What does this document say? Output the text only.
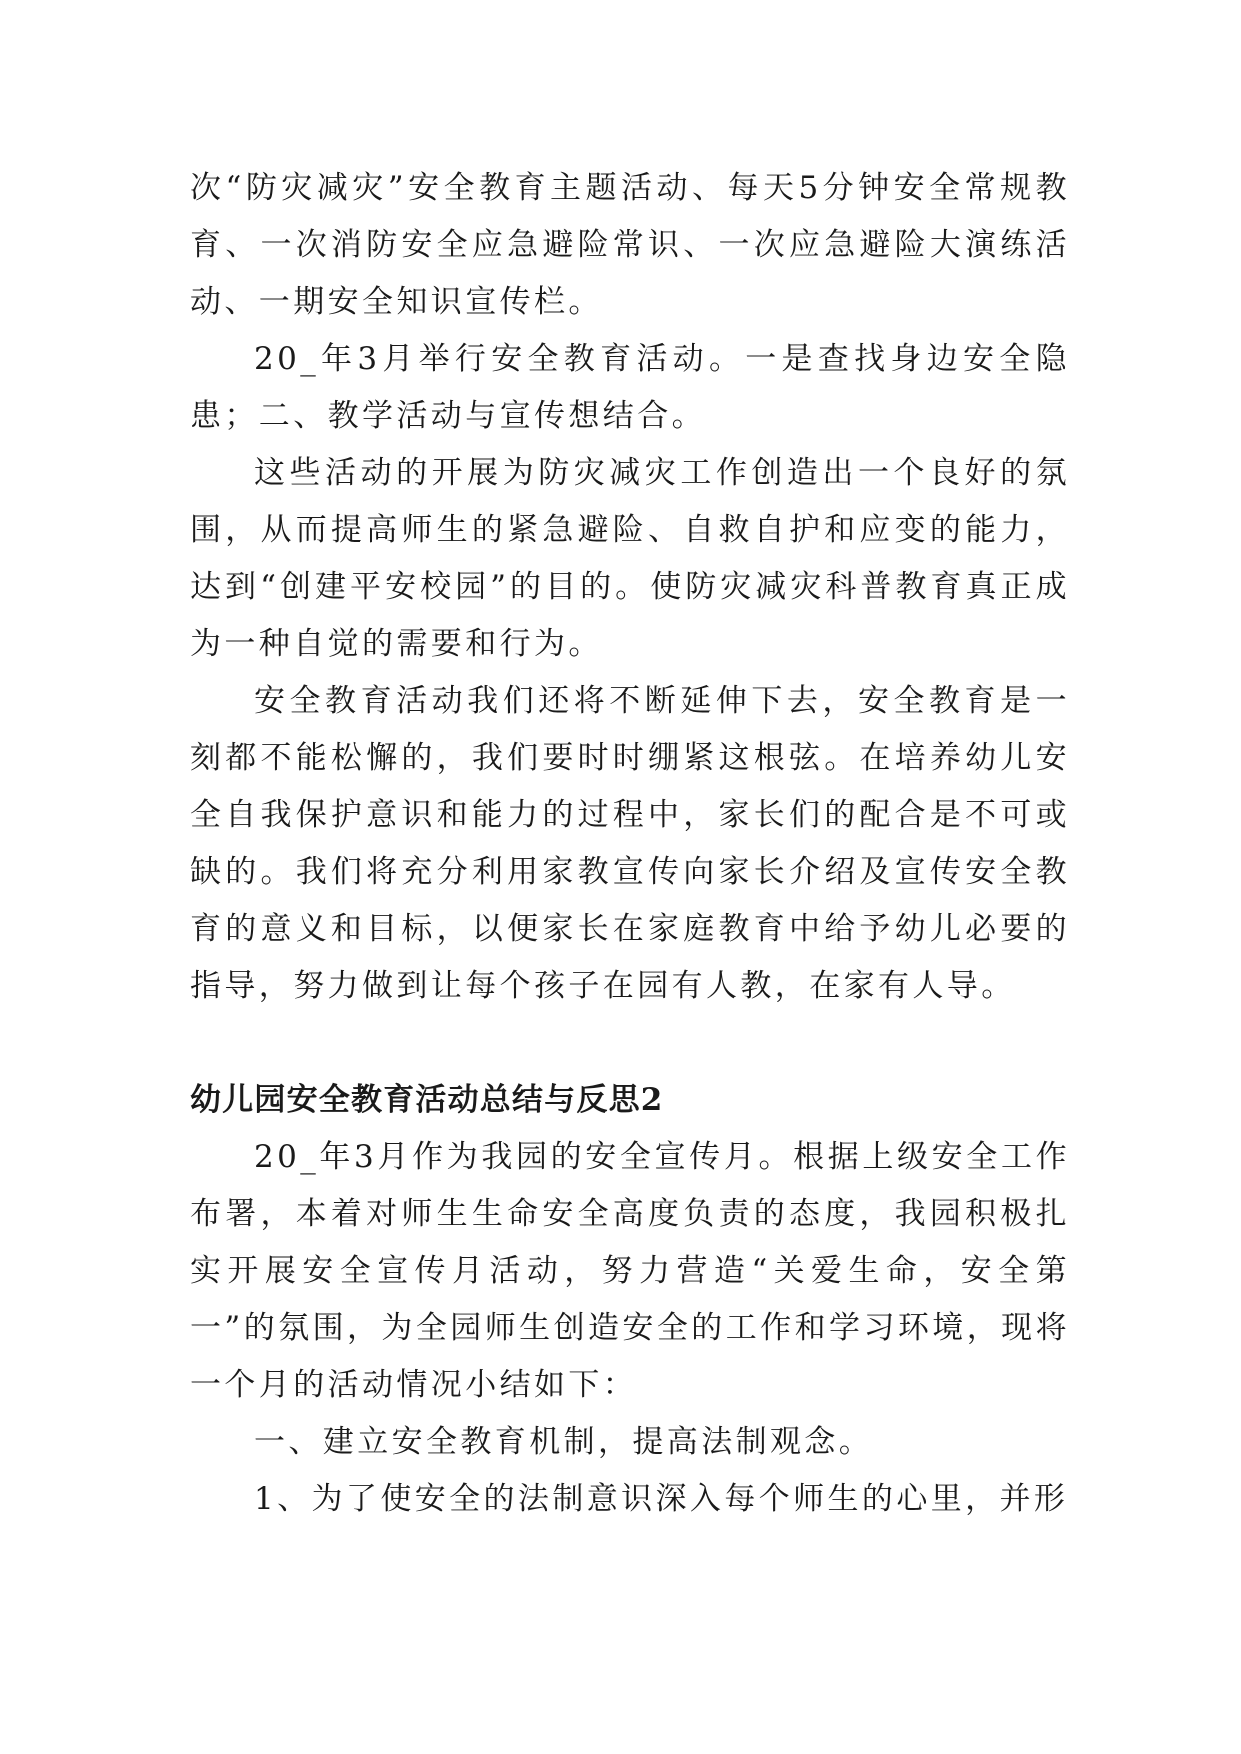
次“防灾减灾”安全教育主题活动、每天5分钟安全常规教育、一次消防安全应急避险常识、一次应急避险大演练活动、一期安全知识宣传栏。

20_年3月举行安全教育活动。一是查找身边安全隐患；二、教学活动与宣传想结合。

这些活动的开展为防灾减灾工作创造出一个良好的氛围，从而提高师生的紧急避险、自救自护和应变的能力，达到“创建平安校园”的目的。使防灾减灾科普教育真正成为一种自觉的需要和行为。

安全教育活动我们还将不断延伸下去，安全教育是一刻都不能松懈的，我们要时时绷紧这根弦。在培养幼儿安全自我保护意识和能力的过程中，家长们的配合是不可或缺的。我们将充分利用家教宣传向家长介绍及宣传安全教育的意义和目标，以便家长在家庭教育中给予幼儿必要的指导，努力做到让每个孩子在园有人教，在家有人导。

幼儿园安全教育活动总结与反思2

20_年3月作为我园的安全宣传月。根据上级安全工作布署，本着对师生生命安全高度负责的态度，我园积极扎实开展安全宣传月活动，努力营造“关爱生命，安全第一”的氛围，为全园师生创造安全的工作和学习环境，现将一个月的活动情况小结如下：

一、建立安全教育机制，提高法制观念。

1、为了使安全的法制意识深入每个师生的心里，并形
